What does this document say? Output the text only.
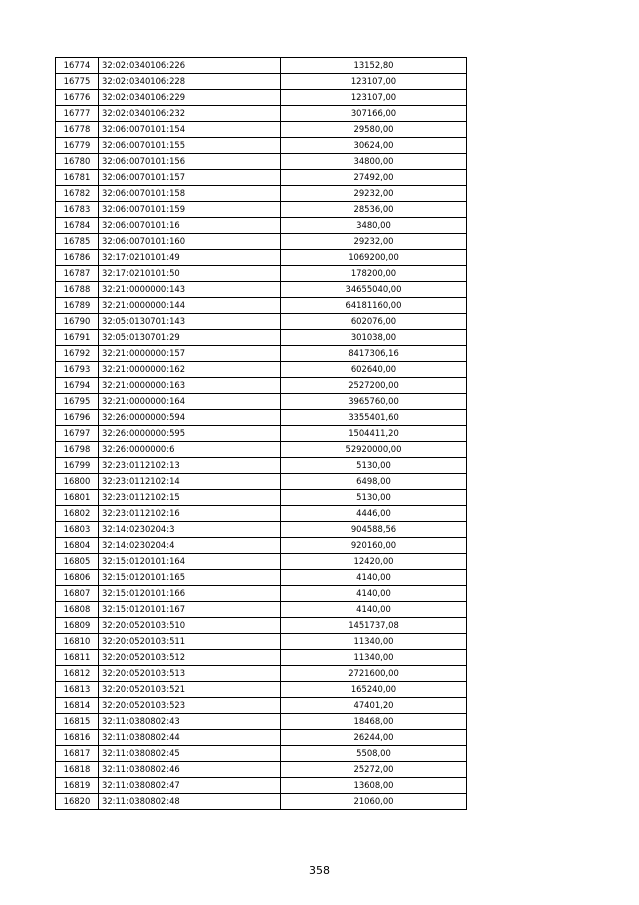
16774	32:02:0340106:226	13152,80
16775	32:02:0340106:228	123107,00
16776	32:02:0340106:229	123107,00
16777	32:02:0340106:232	307166,00
16778	32:06:0070101:154	29580,00
16779	32:06:0070101:155	30624,00
16780	32:06:0070101:156	34800,00
16781	32:06:0070101:157	27492,00
16782	32:06:0070101:158	29232,00
16783	32:06:0070101:159	28536,00
16784	32:06:0070101:16	3480,00
16785	32:06:0070101:160	29232,00
16786	32:17:0210101:49	1069200,00
16787	32:17:0210101:50	178200,00
16788	32:21:0000000:143	34655040,00
16789	32:21:0000000:144	64181160,00
16790	32:05:0130701:143	602076,00
16791	32:05:0130701:29	301038,00
16792	32:21:0000000:157	8417306,16
16793	32:21:0000000:162	602640,00
16794	32:21:0000000:163	2527200,00
16795	32:21:0000000:164	3965760,00
16796	32:26:0000000:594	3355401,60
16797	32:26:0000000:595	1504411,20
16798	32:26:0000000:6	52920000,00
16799	32:23:0112102:13	5130,00
16800	32:23:0112102:14	6498,00
16801	32:23:0112102:15	5130,00
16802	32:23:0112102:16	4446,00
16803	32:14:0230204:3	904588,56
16804	32:14:0230204:4	920160,00
16805	32:15:0120101:164	12420,00
16806	32:15:0120101:165	4140,00
16807	32:15:0120101:166	4140,00
16808	32:15:0120101:167	4140,00
16809	32:20:0520103:510	1451737,08
16810	32:20:0520103:511	11340,00
16811	32:20:0520103:512	11340,00
16812	32:20:0520103:513	2721600,00
16813	32:20:0520103:521	165240,00
16814	32:20:0520103:523	47401,20
16815	32:11:0380802:43	18468,00
16816	32:11:0380802:44	26244,00
16817	32:11:0380802:45	5508,00
16818	32:11:0380802:46	25272,00
16819	32:11:0380802:47	13608,00
16820	32:11:0380802:48	21060,00
358
